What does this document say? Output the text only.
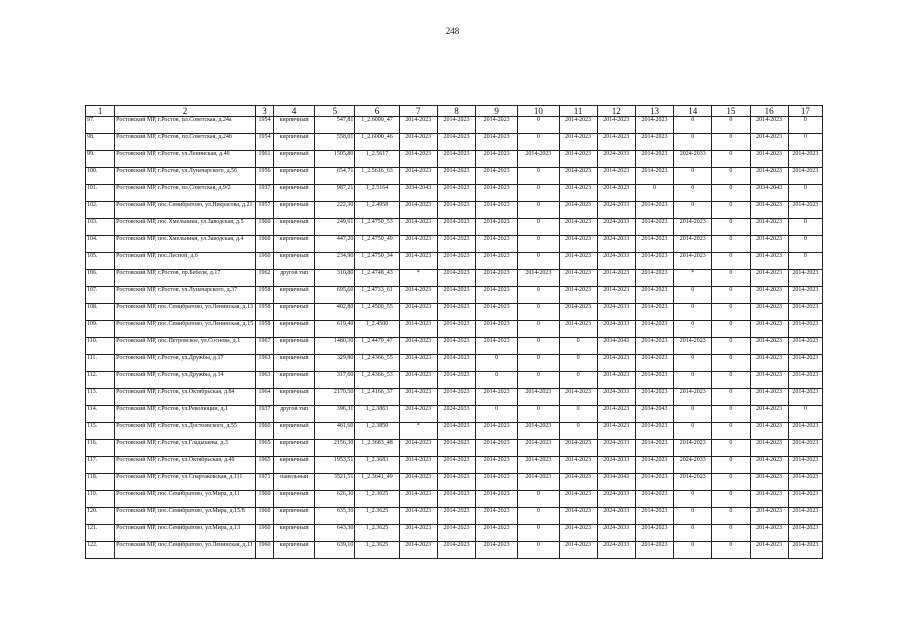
248
1	2	3	4	5	6	7	8	9	10	11	12	13	14	15	16	17
97.	Ростовский МР, г.Ростов, пл.Советская, д.24а	1954	кирпичный	547,81	1_2.6000_47	2014-2023	2014-2023	2014-2023	0	2014-2023	2014-2023	2014-2023	0	0	2014-2023	0
98.	Ростовский МР, г.Ростов, пл.Советская, д.24б	1954	кирпичный	558,01	1_2.6000_46	2014-2023	2014-2023	2014-2023	0	2014-2023	2014-2023	2014-2023	0	0	2014-2023	0
99.	Ростовский МР, г.Ростов, ул.Ленинская, д.46	1961	кирпичный	1505,80	1_2.5617	2014-2023	2014-2023	2014-2023	2014-2023	2014-2023	2024-2033	2014-2023	2024-2033	0	2014-2023	2014-2023
100.	Ростовский МР, г.Ростов, ул.Луначарского, д.56	1956	кирпичный	654,71	1_2.5616_63	2014-2023	2014-2023	2014-2023	0	2014-2023	2014-2023	2014-2023	0	0	2014-2023	2014-2023
101.	Ростовский МР, г.Ростов, пл.Советская, д.9/2	1937	кирпичный	987,21	1_2.5164	2034-2043	2014-2023	2014-2023	0	2014-2023	2014-2023	0	0	0	2034-2043	0
102.	Ростовский МР, пос.Семибратово, ул.Некрасова, д.21	1957	кирпичный	222,30	1_2.4958	2014-2023	2014-2023	2014-2023	0	2014-2023	2024-2033	2014-2023	0	0	2014-2023	2014-2023
103.	Ростовский МР, пос.Хмельники, ул.Заводская, д.5	1960	кирпичный	249,61	1_2.4750_53	2014-2023	2014-2023	2014-2023	0	2014-2023	2024-2033	2014-2023	2014-2023	0	2014-2023	0
104.	Ростовский МР, пос.Хмельники, ул.Заводская, д.4	1960	кирпичный	447,20	1_2.4750_49	2014-2023	2014-2023	2014-2023	0	2014-2023	2024-2033	2014-2023	2014-2023	0	2014-2023	0
105.	Ростовский МР, пос.Лесной, д.6	1960	кирпичный	234,90	1_2.4750_34	2014-2023	2014-2023	2014-2023	0	2014-2023	2024-2033	2014-2023	2014-2023	0	2014-2023	0
106.	Ростовский МР, г.Ростов, пр.Бебеля, д.17	1962	другой тип	310,80	1_2.4748_43	*	2014-2023	2014-2023	2014-2023	2014-2023	2014-2023	2014-2023	*	0	2014-2023	2014-2023
107.	Ростовский МР, г.Ростов, ул.Луначарского, д.37	1958	кирпичный	695,60	1_2.4733_61	2014-2023	2014-2023	2014-2023	0	2014-2023	2014-2023	2014-2023	0	0	2014-2023	2014-2023
108.	Ростовский МР, пос.Семибратово, ул.Ленинская, д.13	1958	кирпичный	402,80	1_2.4500_55	2014-2023	2014-2023	2014-2023	0	2014-2023	2024-2033	2014-2023	0	0	2014-2023	2014-2023
109.	Ростовский МР, пос.Семибратово, ул.Ленинская, д.15	1958	кирпичный	619,40	1_2.4500	2014-2023	2014-2023	2014-2023	0	2014-2023	2024-2033	2014-2023	0	0	2014-2023	2014-2023
110.	Ростовский МР, пос.Петровское, ул.Соснова, д.1	1967	кирпичный	1480,30	1_2.4479_47	2014-2023	2014-2023	2014-2023	0	0	2034-2043	2014-2023	2014-2023	0	2014-2023	2014-2023
111.	Ростовский МР, г.Ростов, ул.Дружбы, д.17	1963	кирпичный	329,80	1_2.4366_55	2014-2023	2014-2023	0	0	0	2014-2023	2014-2023	0	0	2014-2023	2014-2023
112.	Ростовский МР, г.Ростов, ул.Дружбы, д.14	1963	кирпичный	317,60	1_2.4366_53	2014-2023	2014-2023	0	0	0	2014-2023	2014-2023	0	0	2014-2023	2014-2023
113.	Ростовский МР, г.Ростов, ул.Октябрьская, д.84	1964	кирпичный	2170,50	1_2.4166_37	2014-2023	2014-2023	2014-2023	2014-2023	2014-2023	2024-2033	2014-2023	2014-2023	0	2014-2023	2014-2023
114.	Ростовский МР, г.Ростов, ул.Революции, д.1	1937	другой тип	396,31	1_2.3863	2014-2023	2024-2033	0	0	0	2014-2023	2034-2043	0	0	2014-2023	0
115.	Ростовский МР, г.Ростов, ул.Достоевского, д.55	1960	кирпичный	461,60	1_2.3850	*	2014-2023	2014-2023	2014-2023	0	2014-2023	2014-2023	0	0	2014-2023	2014-2023
116.	Ростовский МР, г.Ростов, ул.Гладышева, д.3	1965	кирпичный	2156,30	1_2.3683_48	2014-2023	2014-2023	2014-2023	2014-2023	2014-2023	2024-2033	2014-2023	2014-2023	0	2014-2023	2014-2023
117.	Ростовский МР, г.Ростов, ул.Октябрьская, д.49	1965	кирпичный	1953,51	1_2.3683	2014-2023	2014-2023	2014-2023	2014-2023	2014-2023	2024-2033	2014-2023	2024-2033	0	2014-2023	2014-2023
118.	Ростовский МР, г.Ростов, ул.Спартаковская, д.111	1971	панельный	3521,51	1_2.3641_49	2014-2023	2014-2023	2014-2023	2014-2023	2014-2023	2034-2043	2014-2023	2014-2023	0	2014-2023	2014-2023
119.	Ростовский МР, пос.Семибратово, ул.Мира, д.11	1960	кирпичный	626,30	1_2.3625	2014-2023	2014-2023	2014-2023	0	2014-2023	2024-2033	2014-2023	0	0	2014-2023	2014-2023
120.	Ростовский МР, пос.Семибратово, ул.Мира, д.15/8	1960	кирпичный	635,30	1_2.3625	2014-2023	2014-2023	2014-2023	0	2014-2023	2024-2033	2014-2023	0	0	2014-2023	2014-2023
121.	Ростовский МР, пос.Семибратово, ул.Мира, д.13	1960	кирпичный	643,30	1_2.3625	2014-2023	2014-2023	2014-2023	0	2014-2023	2024-2033	2014-2023	0	0	2014-2023	2014-2023
122.	Ростовский МР, пос.Семибратово, ул.Ленинская, д.11	1960	кирпичный	639,10	1_2.3625	2014-2023	2014-2023	2014-2023	0	2014-2023	2024-2033	2014-2023	0	0	2014-2023	2014-2023
